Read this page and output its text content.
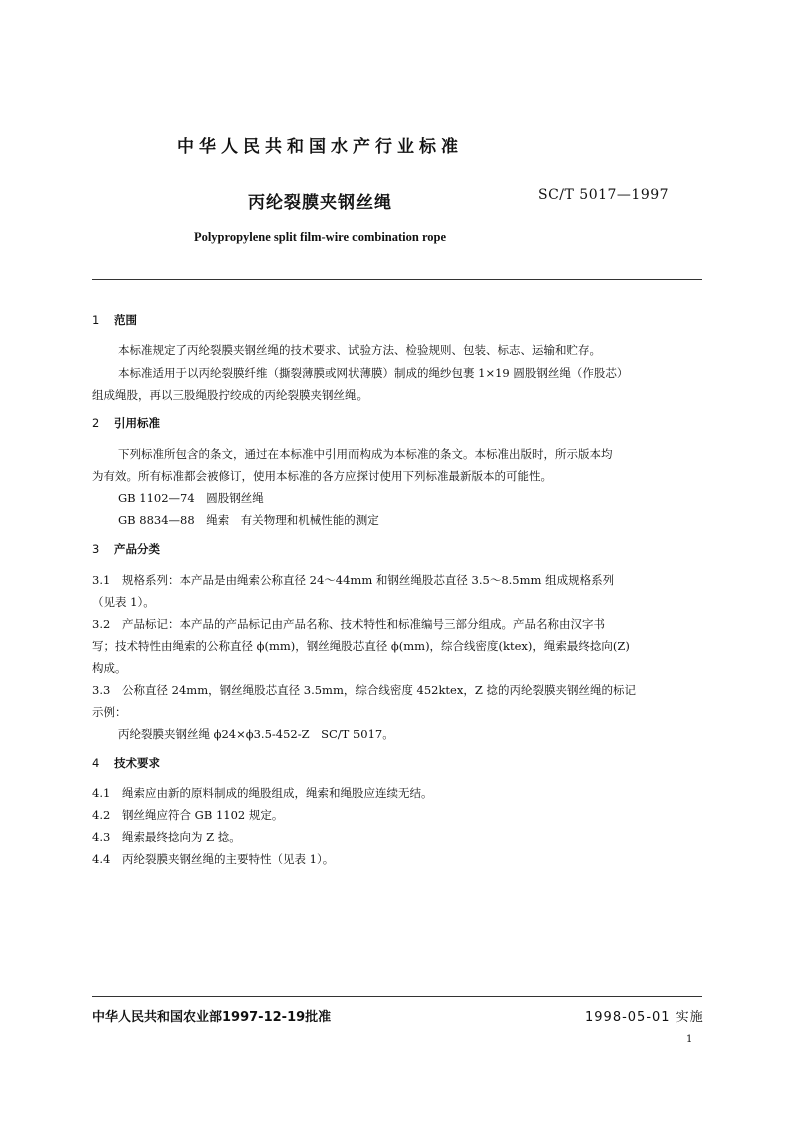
中华人民共和国水产行业标准
丙纶裂膜夹钢丝绳	SC/T 5017—1997
Polypropylene split film-wire combination rope
1 范围
本标准规定了丙纶裂膜夹钢丝绳的技术要求、试验方法、检验规则、包装、标志、运输和贮存。
本标准适用于以丙纶裂膜纤维（撕裂薄膜或网状薄膜）制成的绳纱包裹 1×19 圆股钢丝绳（作股芯）
组成绳股，再以三股绳股拧绞成的丙纶裂膜夹钢丝绳。
2 引用标准
下列标准所包含的条文，通过在本标准中引用而构成为本标准的条文。本标准出版时，所示版本均
为有效。所有标准都会被修订，使用本标准的各方应探讨使用下列标准最新版本的可能性。
GB 1102—74　圆股钢丝绳
GB 8834—88　绳索　有关物理和机械性能的测定
3 产品分类
3.1 规格系列：本产品是由绳索公称直径 24～44mm 和钢丝绳股芯直径 3.5～8.5mm 组成规格系列
（见表 1）。
3.2 产品标记：本产品的产品标记由产品名称、技术特性和标准编号三部分组成。产品名称由汉字书
写；技术特性由绳索的公称直径 ϕ(mm)，钢丝绳股芯直径 ϕ(mm)，综合线密度(ktex)，绳索最终捻向(Z)
构成。
3.3 公称直径 24mm，钢丝绳股芯直径 3.5mm，综合线密度 452ktex，Z 捻的丙纶裂膜夹钢丝绳的标记
示例：
丙纶裂膜夹钢丝绳 ϕ24×ϕ3.5-452-Z　SC/T 5017。
4 技术要求
4.1 绳索应由新的原料制成的绳股组成，绳索和绳股应连续无结。
4.2 钢丝绳应符合 GB 1102 规定。
4.3 绳索最终捻向为 Z 捻。
4.4 丙纶裂膜夹钢丝绳的主要特性（见表 1）。
中华人民共和国农业部1997-12-19批准	1998-05-01 实施
1
